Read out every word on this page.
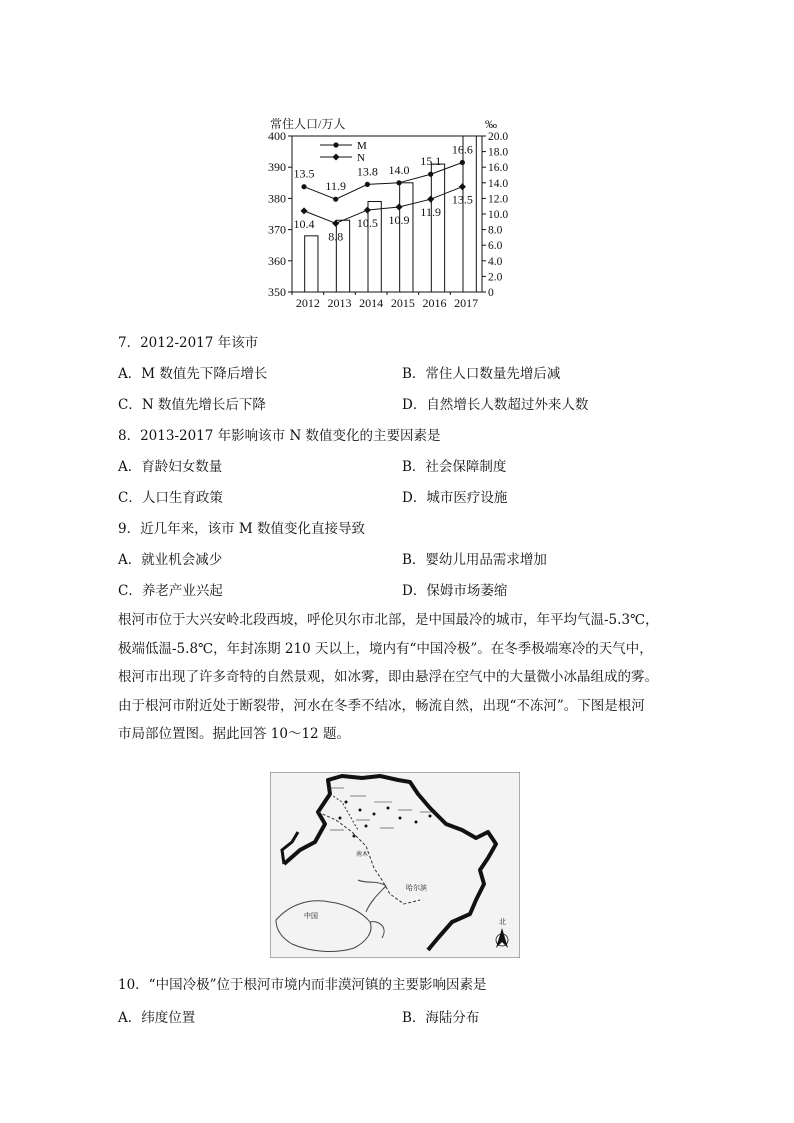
常住人口/万人	‰
400
390
380
370
360
350
20.0
18.0
16.0
14.0
12.0
10.0
8.0
6.0
4.0
2.0
0
2012 2013 2014 2015 2016 2017
13.5
11.9
13.8 14.0
15.1
16.6
10.4
8.8
10.5 10.9
11.9
13.5
M
N
7．2012-2017 年该市
A．M 数值先下降后增长	B．常住人口数量先增后减
C．N 数值先增长后下降	D．自然增长人数超过外来人数
8．2013-2017 年影响该市 N 数值变化的主要因素是
A．育龄妇女数量	B．社会保障制度
C．人口生育政策	D．城市医疗设施
9．近几年来，该市 M 数值变化直接导致
A．就业机会减少	B．婴幼儿用品需求增加
C．养老产业兴起	D．保姆市场萎缩
根河市位于大兴安岭北段西坡，呼伦贝尔市北部，是中国最冷的城市，年平均气温-5.3℃，
极端低温-5.8℃，年封冻期 210 天以上，境内有“中国冷极”。在冬季极端寒冷的天气中，
根河市出现了许多奇特的自然景观，如冰雾，即由悬浮在空气中的大量微小冰晶组成的雾。
由于根河市附近处于断裂带，河水在冬季不结冰，畅流自然，出现“不冻河”。下图是根河
市局部位置图。据此回答 10～12 题。
南木
哈尔滨
中国
北
10．“中国冷极”位于根河市境内而非漠河镇的主要影响因素是
A．纬度位置	B．海陆分布
